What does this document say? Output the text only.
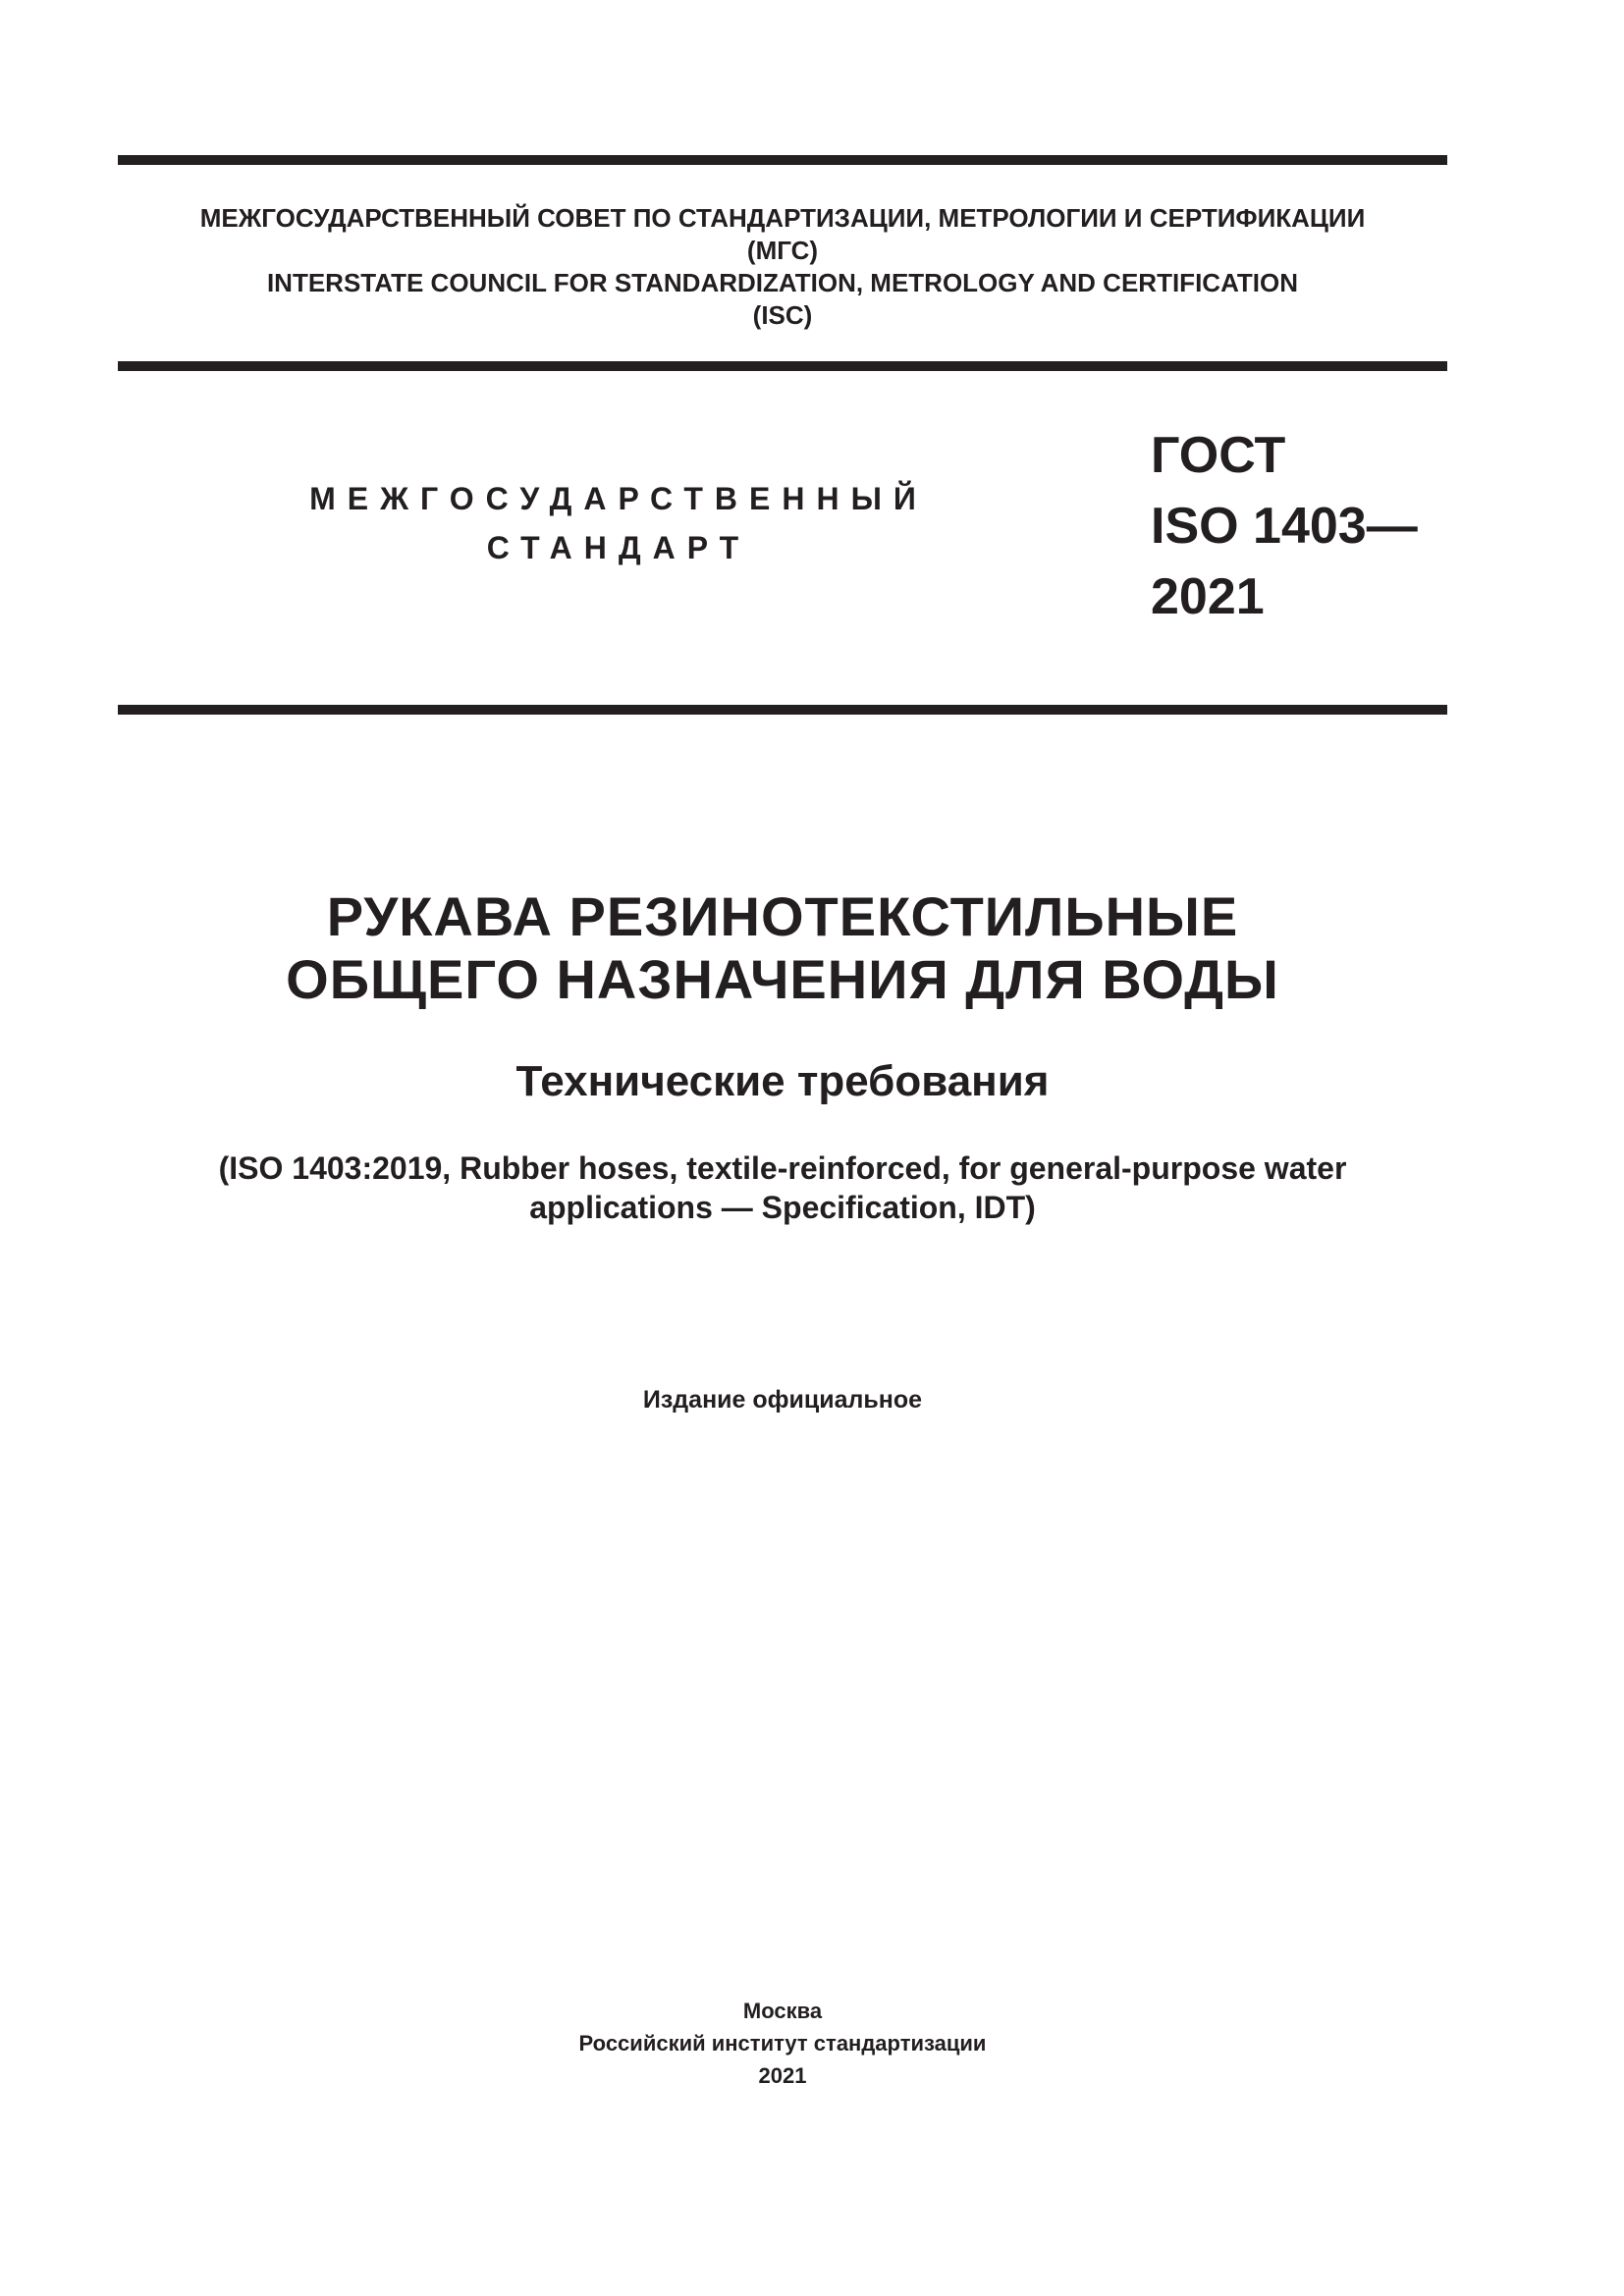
МЕЖГОСУДАРСТВЕННЫЙ СОВЕТ ПО СТАНДАРТИЗАЦИИ, МЕТРОЛОГИИ И СЕРТИФИКАЦИИ
(МГС)
INTERSTATE COUNCIL FOR STANDARDIZATION, METROLOGY AND CERTIFICATION
(ISC)
МЕЖГОСУДАРСТВЕННЫЙ
СТАНДАРТ
ГОСТ
ISO 1403—
2021
РУКАВА РЕЗИНОТЕКСТИЛЬНЫЕ
ОБЩЕГО НАЗНАЧЕНИЯ ДЛЯ ВОДЫ
Технические требования
(ISO 1403:2019, Rubber hoses, textile-reinforced, for general-purpose water
applications — Specification, IDT)
Издание официальное
Москва
Российский институт стандартизации
2021
